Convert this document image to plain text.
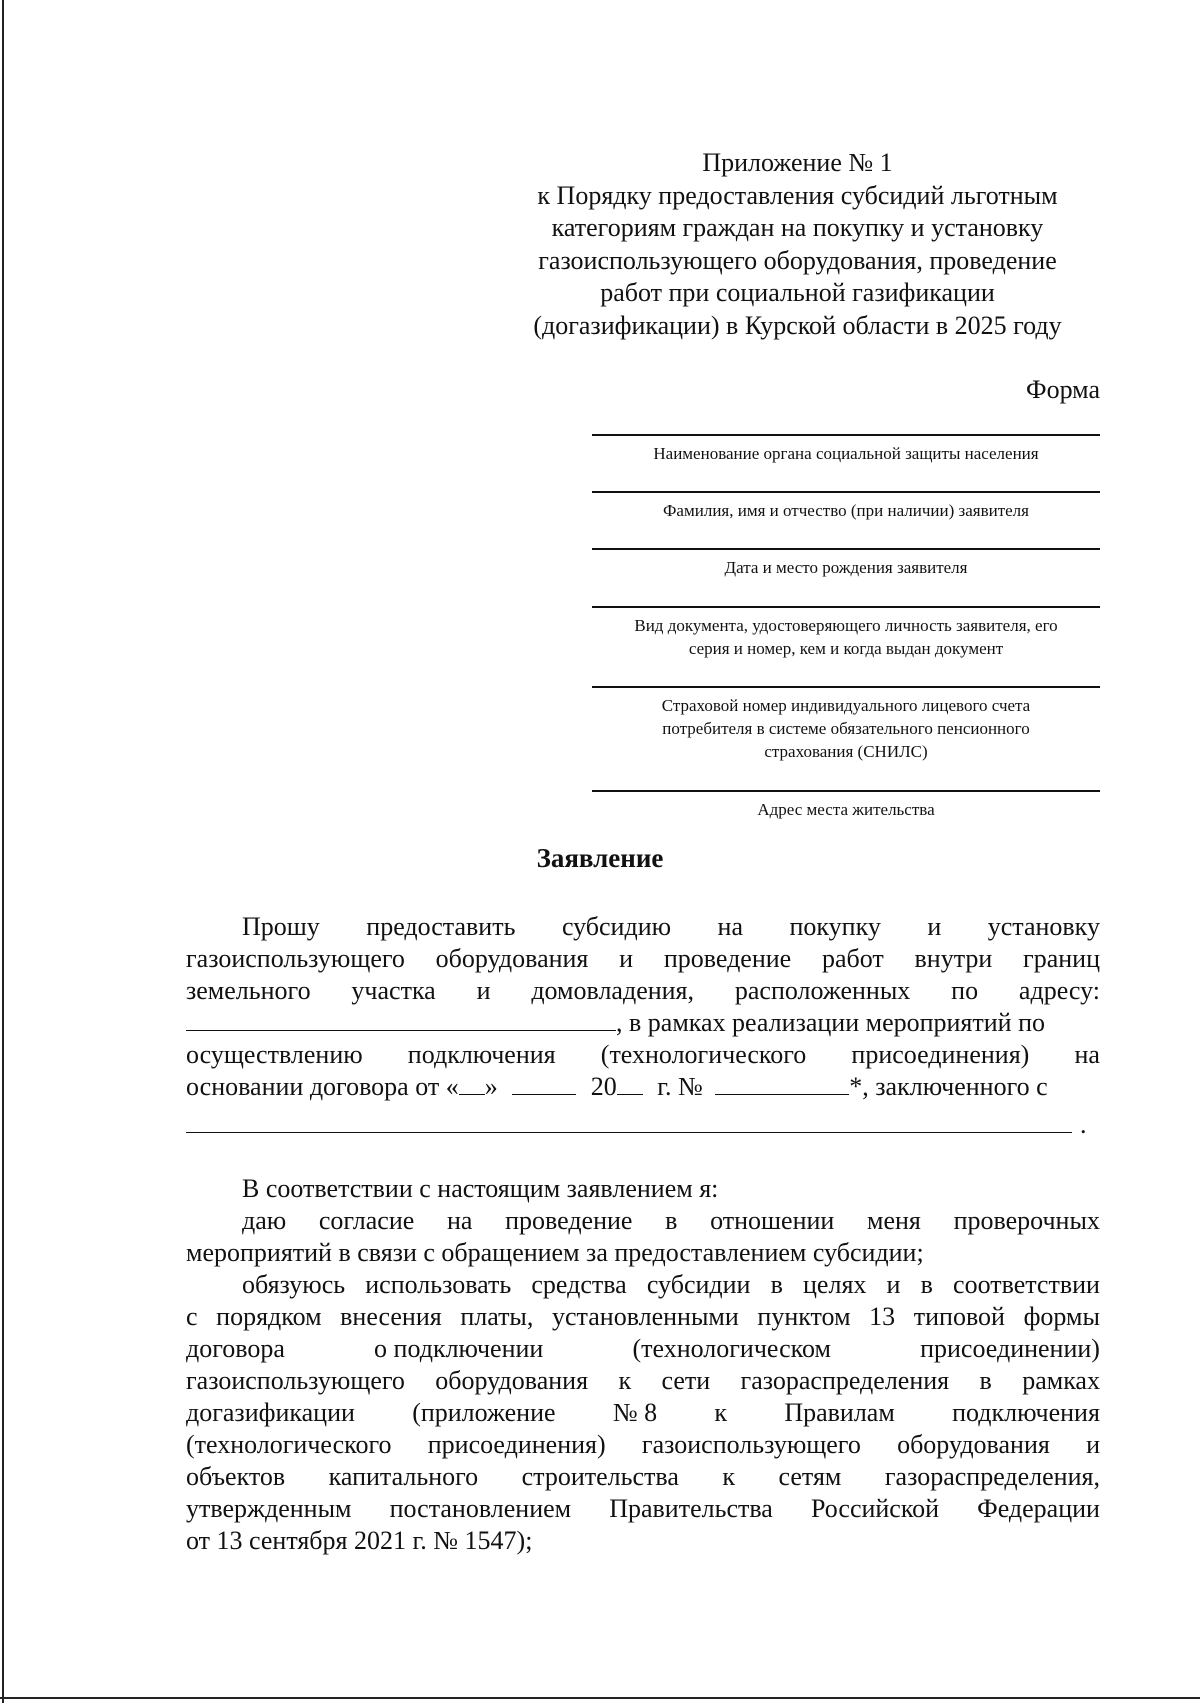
Приложение № 1
к Порядку предоставления субсидий льготным
категориям граждан на покупку и установку
газоиспользующего оборудования, проведение
работ при социальной газификации
(догазификации) в Курской области в 2025 году
Форма
Наименование органа социальной защиты населения
Фамилия, имя и отчество (при наличии) заявителя
Дата и место рождения заявителя
Вид документа, удостоверяющего личность заявителя, его
серия и номер, кем и когда выдан документ
Страховой номер индивидуального лицевого счета
потребителя в системе обязательного пенсионного
страхования (СНИЛС)
Адрес места жительства
Заявление
Прошу предоставить субсидию на покупку и установку
газоиспользующего оборудования и проведение работ внутри границ
земельного участка и домовладения, расположенных по адресу:
, в рамках реализации мероприятий по
осуществлению подключения (технологического присоединения) на
основании договора от « »	20 г. №	*, заключенного с
.
В соответствии с настоящим заявлением я:
даю согласие на проведение в отношении меня проверочных
мероприятий в связи с обращением за предоставлением субсидии;
обязуюсь использовать средства субсидии в целях и в соответствии
с порядком внесения платы, установленными пунктом 13 типовой формы
договора	о подключении	(технологическом	присоединении)
газоиспользующего оборудования к сети газораспределения в рамках
догазификации (приложение № 8 к Правилам подключения
(технологического присоединения) газоиспользующего оборудования и
объектов капитального строительства к сетям газораспределения,
утвержденным постановлением Правительства Российской Федерации
от 13 сентября 2021 г. № 1547);
